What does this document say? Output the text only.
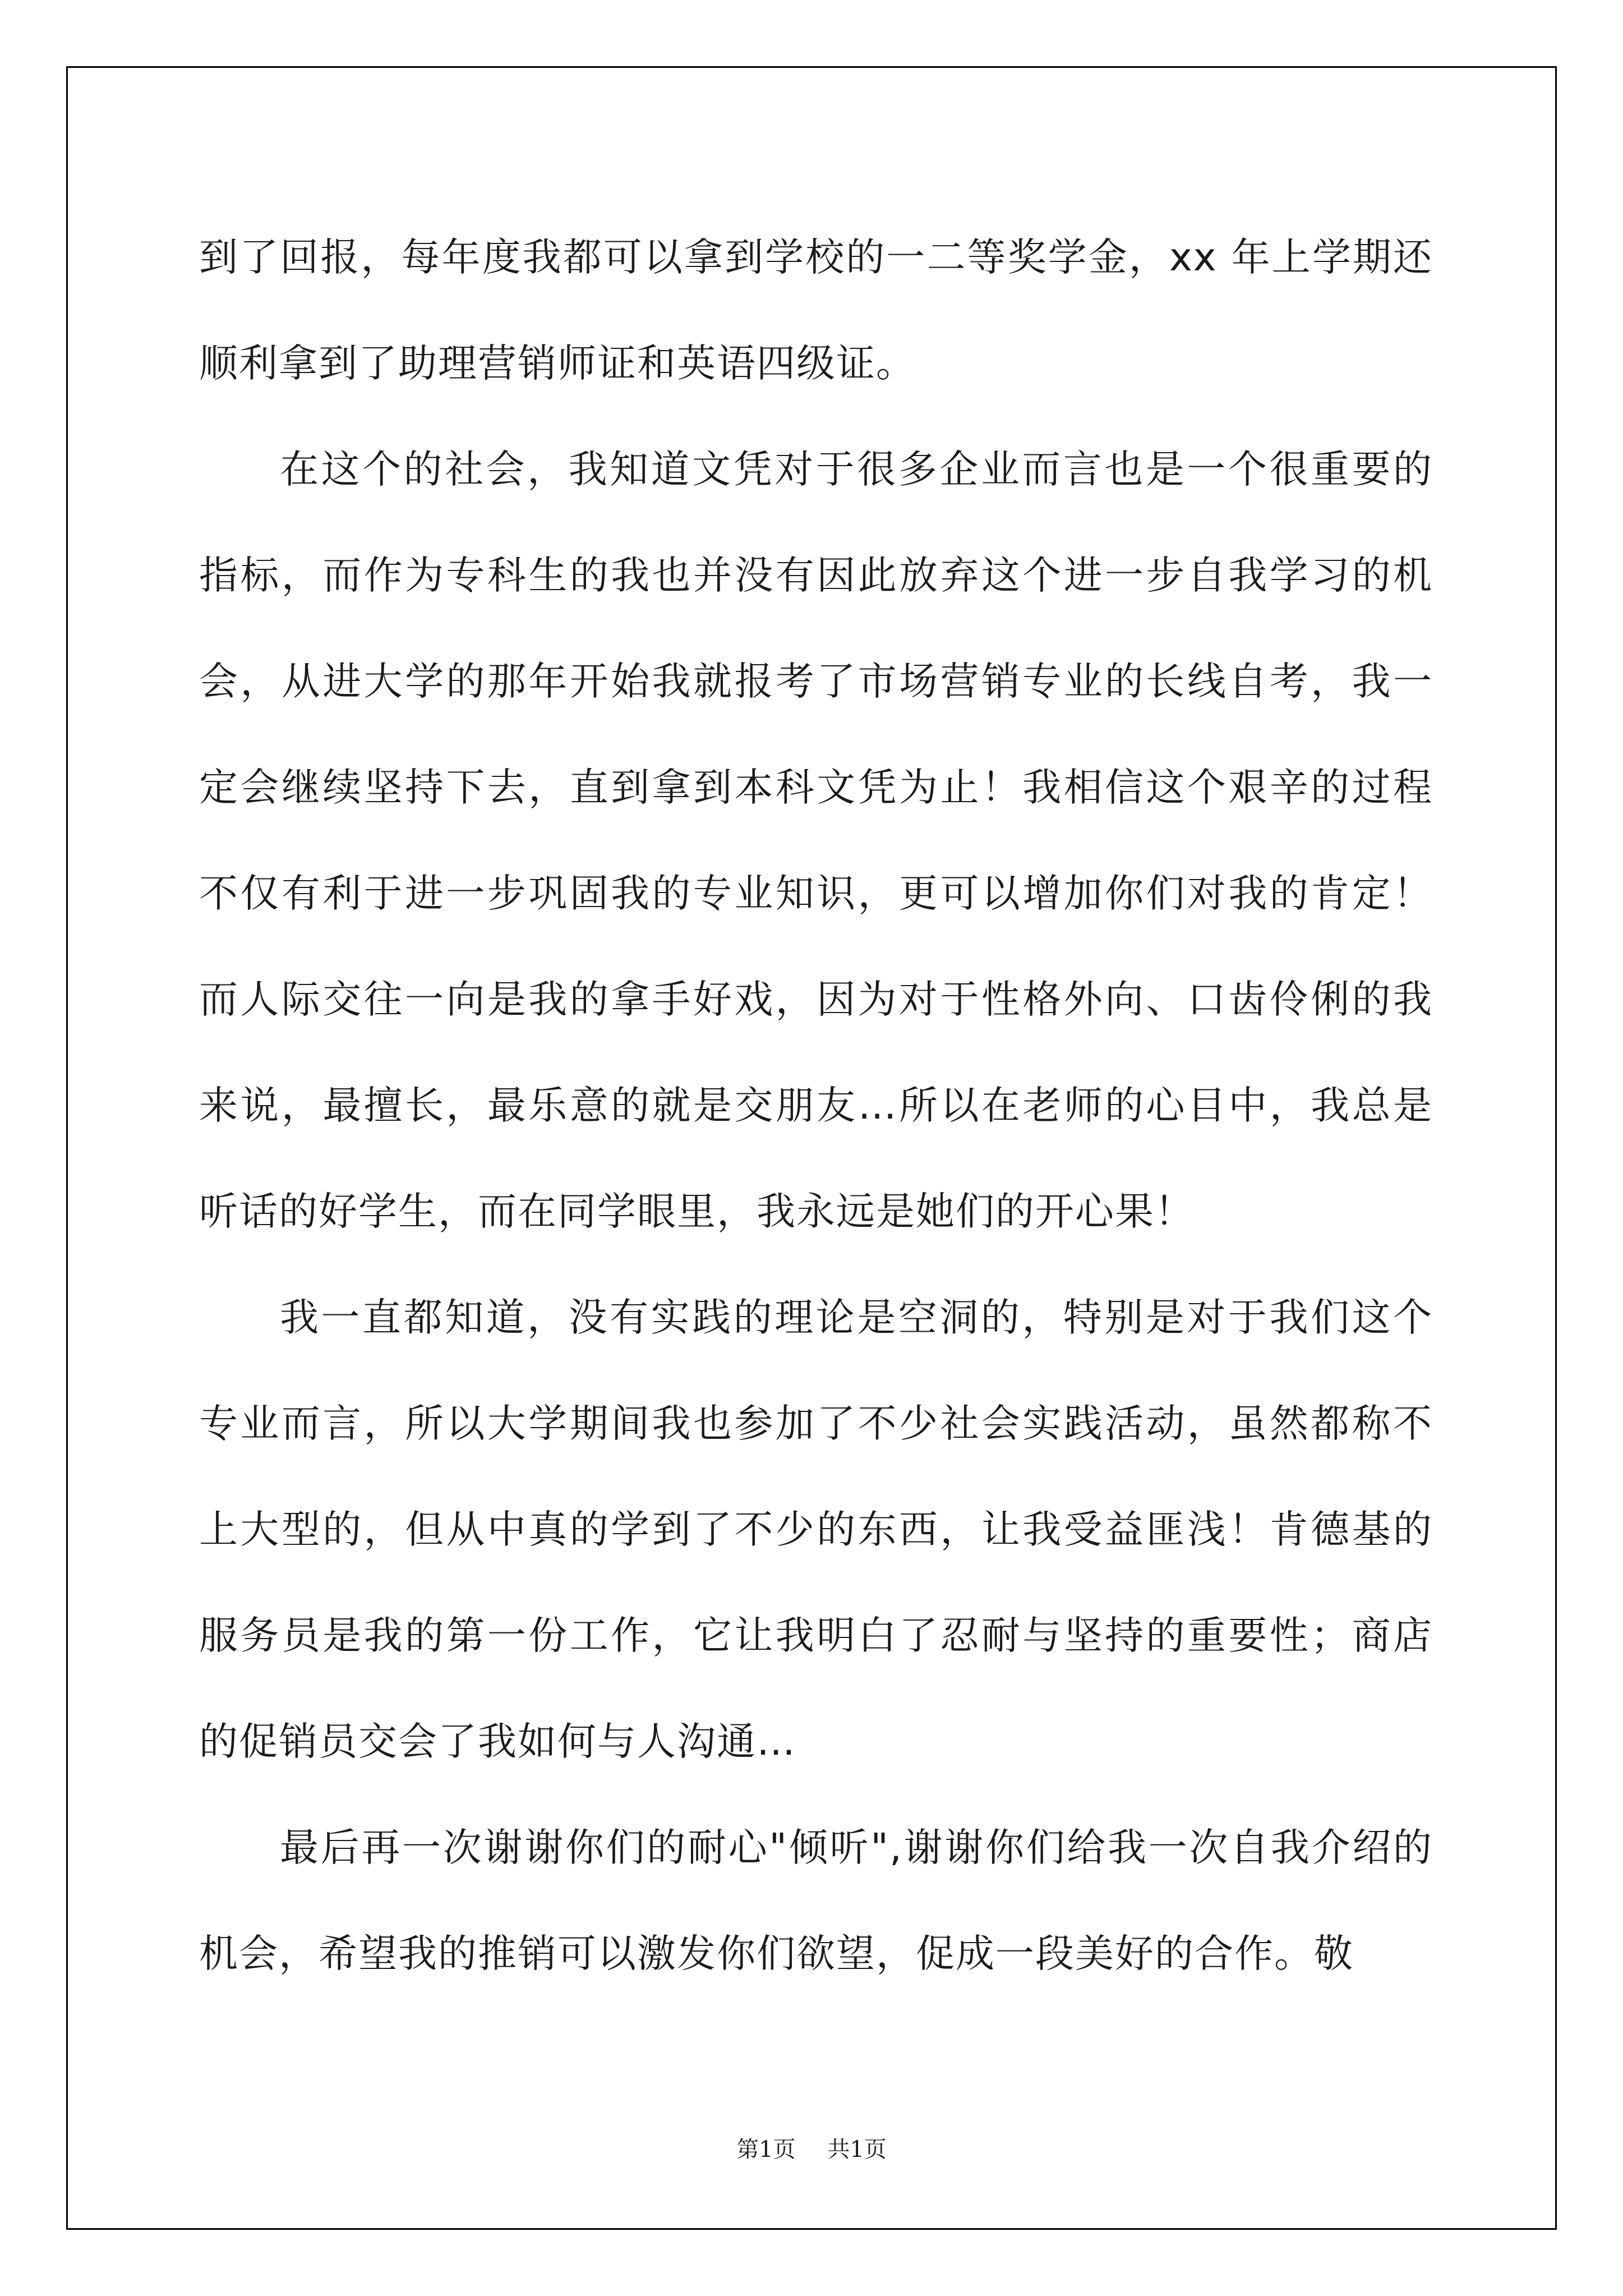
到了回报，每年度我都可以拿到学校的一二等奖学金，xx 年上学期还顺利拿到了助理营销师证和英语四级证。

在这个的社会，我知道文凭对于很多企业而言也是一个很重要的指标，而作为专科生的我也并没有因此放弃这个进一步自我学习的机会，从进大学的那年开始我就报考了市场营销专业的长线自考，我一定会继续坚持下去，直到拿到本科文凭为止！我相信这个艰辛的过程不仅有利于进一步巩固我的专业知识，更可以增加你们对我的肯定！而人际交往一向是我的拿手好戏，因为对于性格外向、口齿伶俐的我来说，最擅长，最乐意的就是交朋友…所以在老师的心目中，我总是听话的好学生，而在同学眼里，我永远是她们的开心果！

我一直都知道，没有实践的理论是空洞的，特别是对于我们这个专业而言，所以大学期间我也参加了不少社会实践活动，虽然都称不上大型的，但从中真的学到了不少的东西，让我受益匪浅！肯德基的服务员是我的第一份工作，它让我明白了忍耐与坚持的重要性；商店的促销员交会了我如何与人沟通…

最后再一次谢谢你们的耐心"倾听",谢谢你们给我一次自我介绍的机会，希望我的推销可以激发你们欲望，促成一段美好的合作。敬

第1页 共1页
